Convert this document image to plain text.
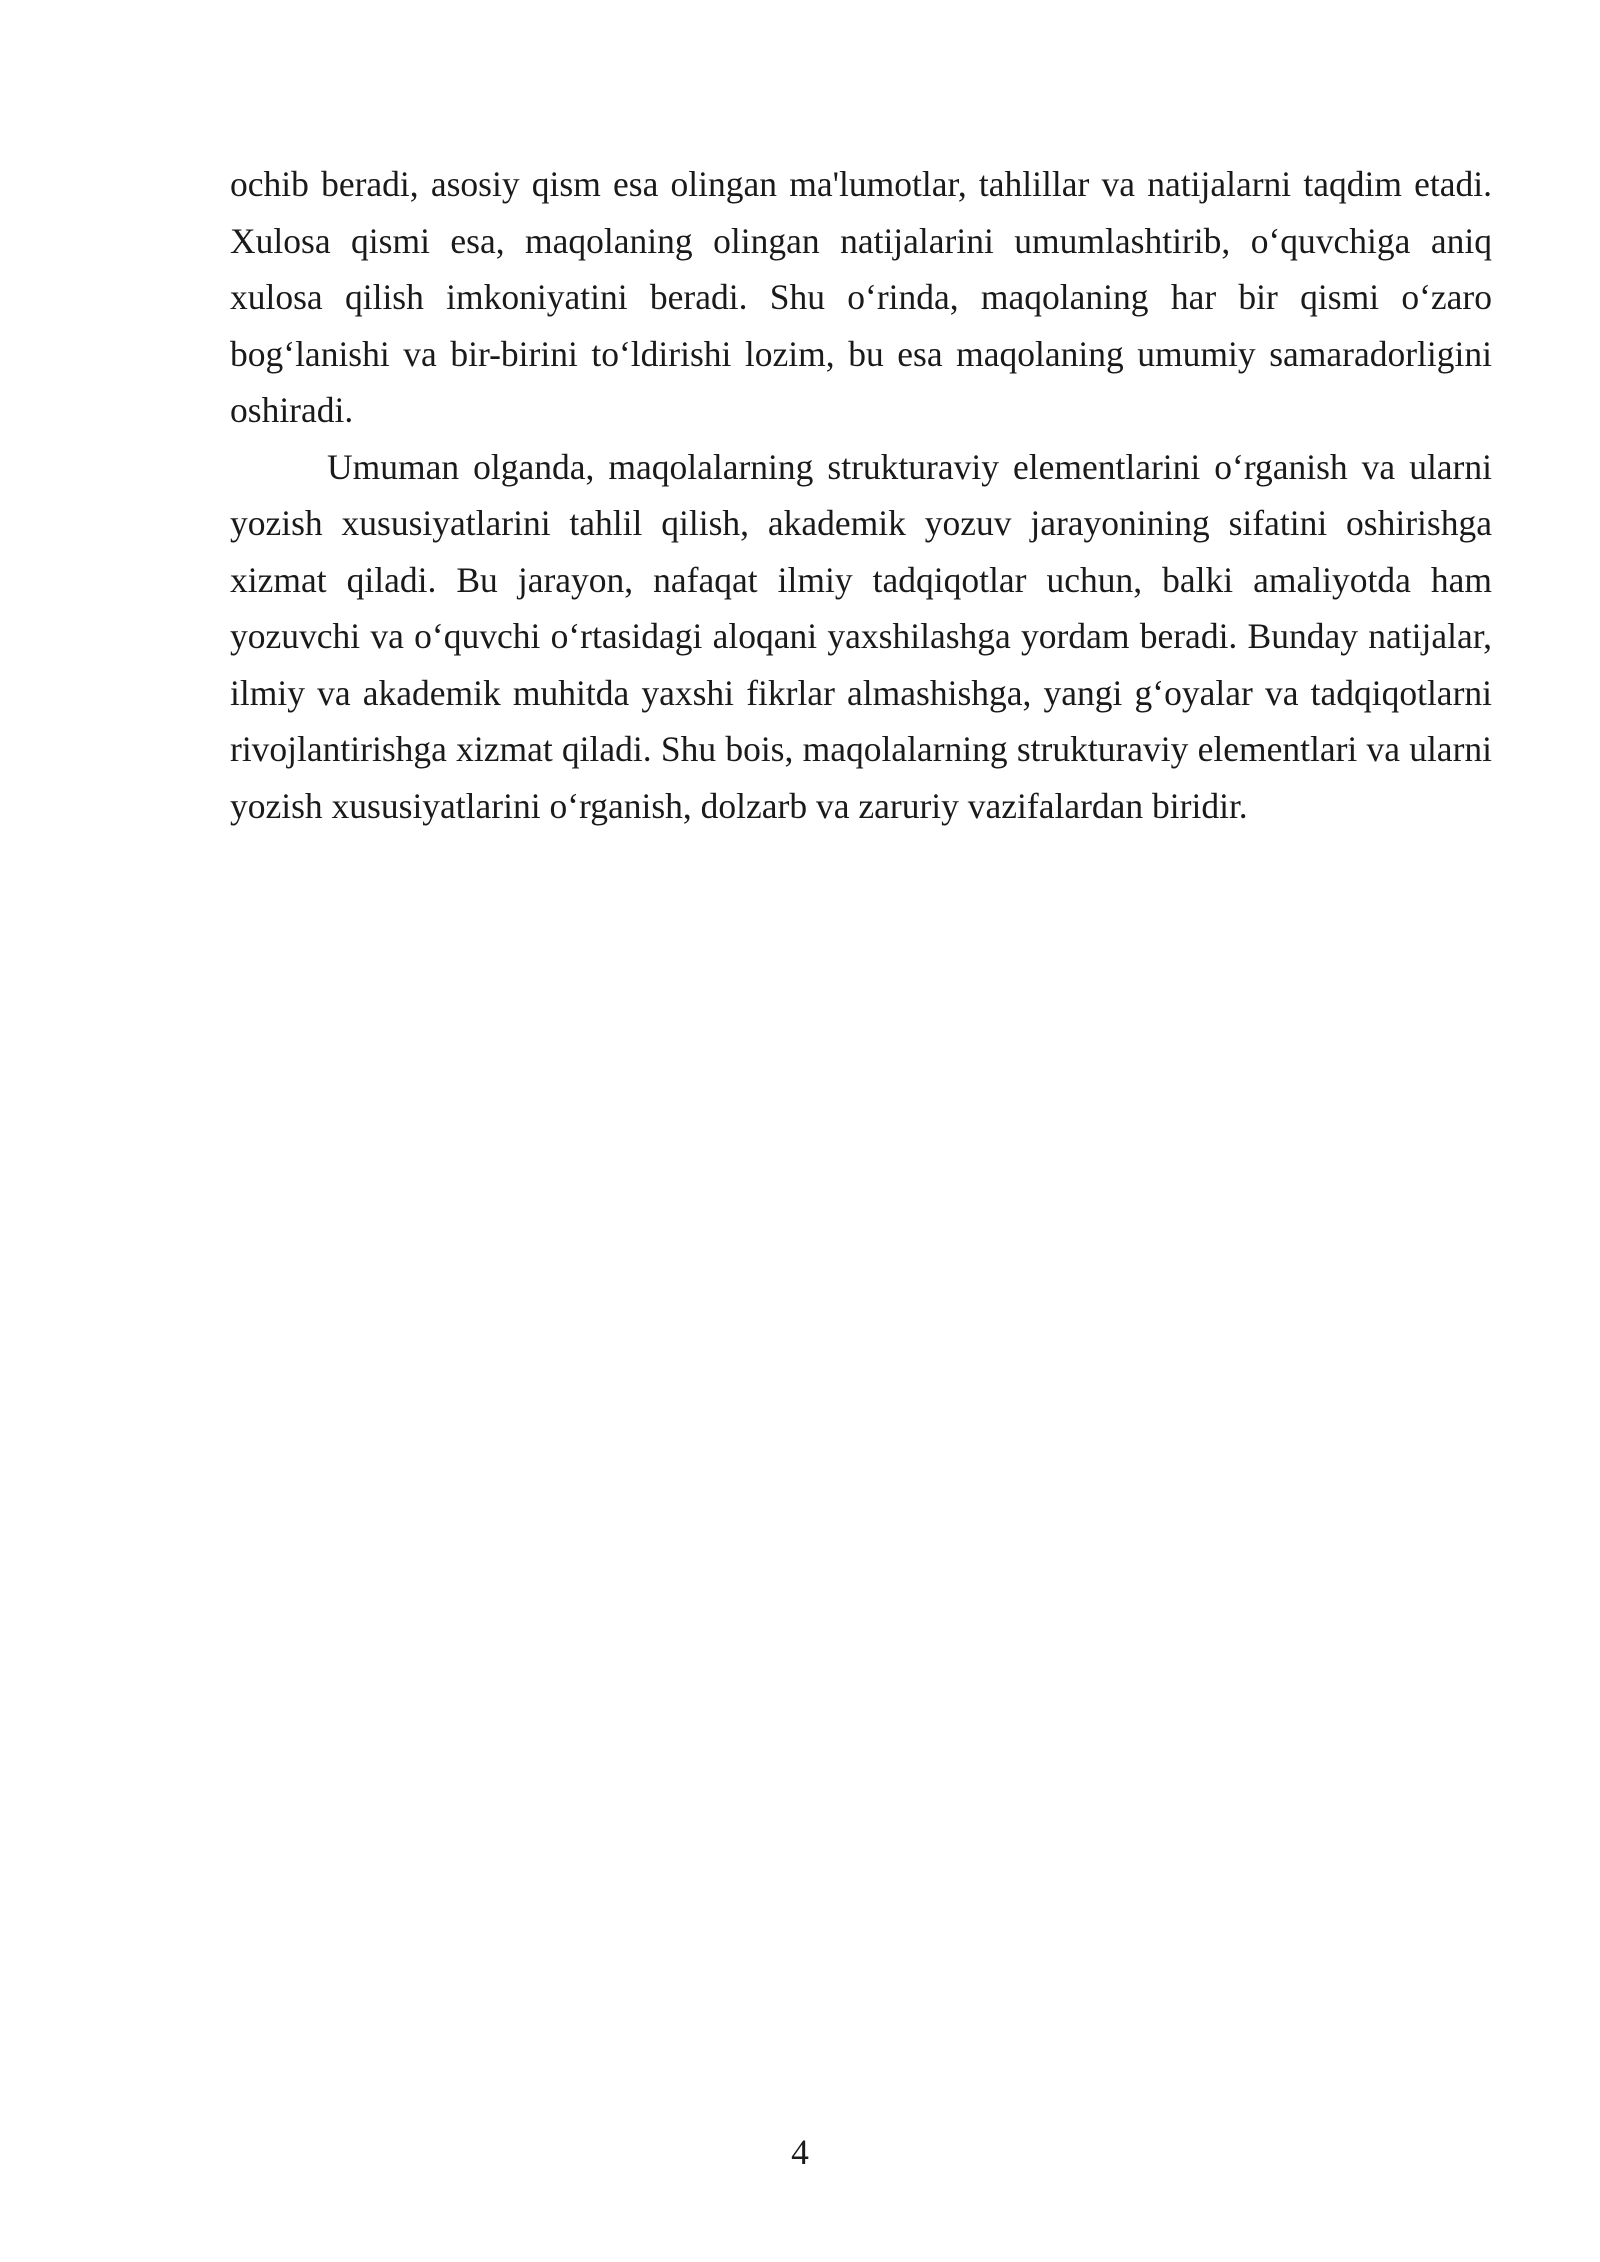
ochib beradi, asosiy qism esa olingan ma'lumotlar, tahlillar va natijalarni taqdim etadi. Xulosa qismi esa, maqolaning olingan natijalarini umumlashtirib, o‘quvchiga aniq xulosa qilish imkoniyatini beradi. Shu o‘rinda, maqolaning har bir qismi o‘zaro bog‘lanishi va bir-birini to‘ldirishi lozim, bu esa maqolaning umumiy samaradorligini oshiradi.

Umuman olganda, maqolalarning strukturaviy elementlarini o‘rganish va ularni yozish xususiyatlarini tahlil qilish, akademik yozuv jarayonining sifatini oshirishga xizmat qiladi. Bu jarayon, nafaqat ilmiy tadqiqotlar uchun, balki amaliyotda ham yozuvchi va o‘quvchi o‘rtasidagi aloqani yaxshilashga yordam beradi. Bunday natijalar, ilmiy va akademik muhitda yaxshi fikrlar almashishga, yangi g‘oyalar va tadqiqotlarni rivojlantirishga xizmat qiladi. Shu bois, maqolalarning strukturaviy elementlari va ularni yozish xususiyatlarini o‘rganish, dolzarb va zaruriy vazifalardan biridir.

4
